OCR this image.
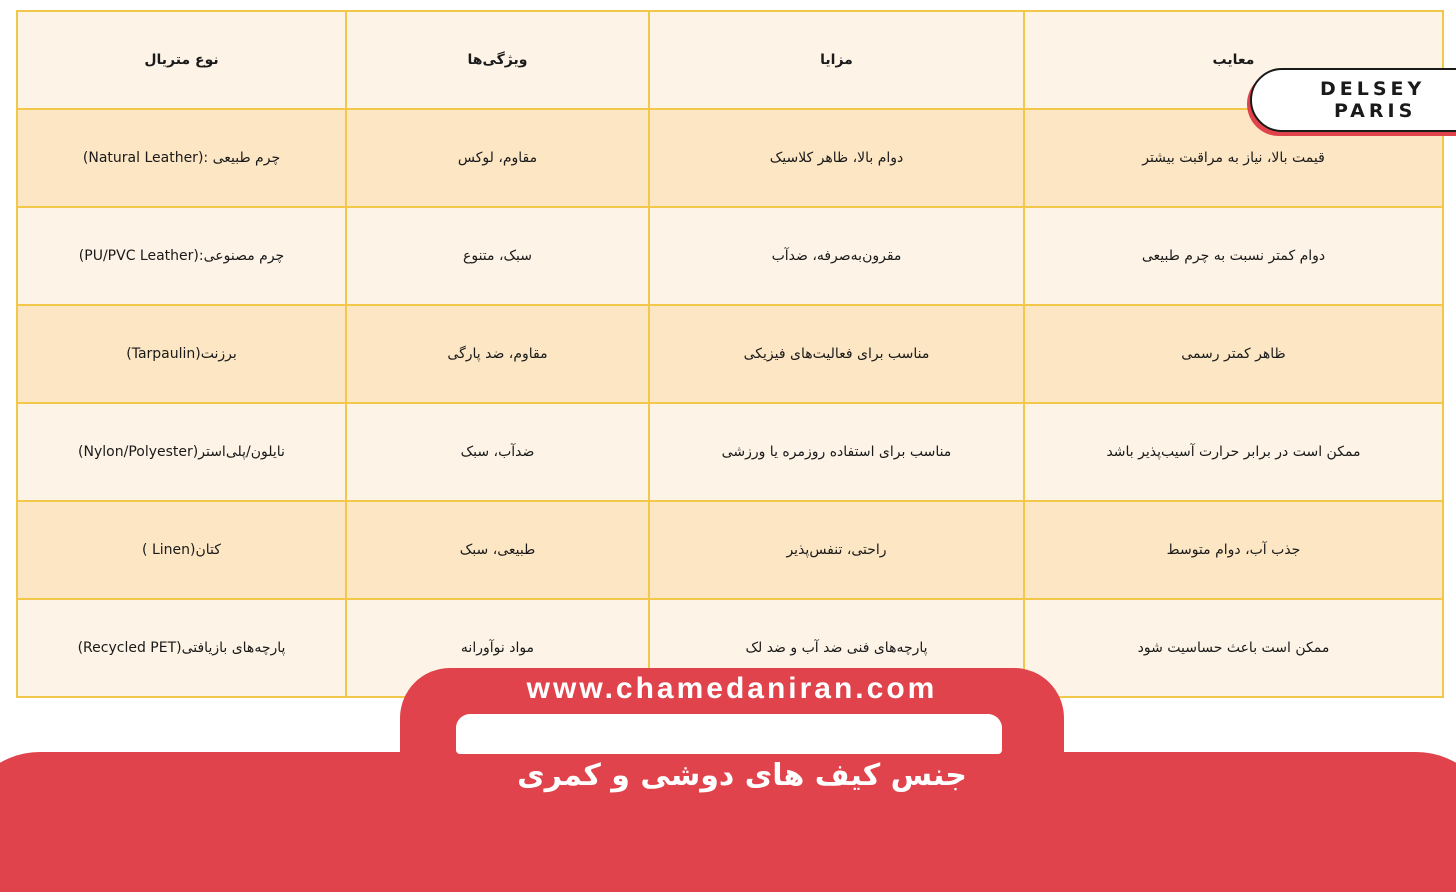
نوع متریال	ویژگی‌ها	مزایا	معایب
چرم طبیعی :(Natural Leather)	مقاوم، لوکس	دوام بالا، ظاهر کلاسیک	قیمت بالا، نیاز به مراقبت بیشتر
چرم مصنوعی:(PU/PVC Leather)	سبک، متنوع	مقرون‌به‌صرفه، ضدآب	دوام کمتر نسبت به چرم طبیعی
برزنت(Tarpaulin)	مقاوم، ضد پارگی	مناسب برای فعالیت‌های فیزیکی	ظاهر کمتر رسمی
نایلون/پلی‌استر(Nylon/Polyester)	ضدآب، سبک	مناسب برای استفاده روزمره یا ورزشی	ممکن است در برابر حرارت آسیب‌پذیر باشد
کتان(Linen )	طبیعی، سبک	راحتی، تنفس‌پذیر	جذب آب، دوام متوسط
پارچه‌های بازیافتی(Recycled PET)	مواد نوآورانه	پارچه‌های فنی ضد آب و ضد لک	ممکن است باعث حساسیت شود
DELSEY
PARIS
www.chamedaniran.com
جنس کیف های دوشی و کمری
